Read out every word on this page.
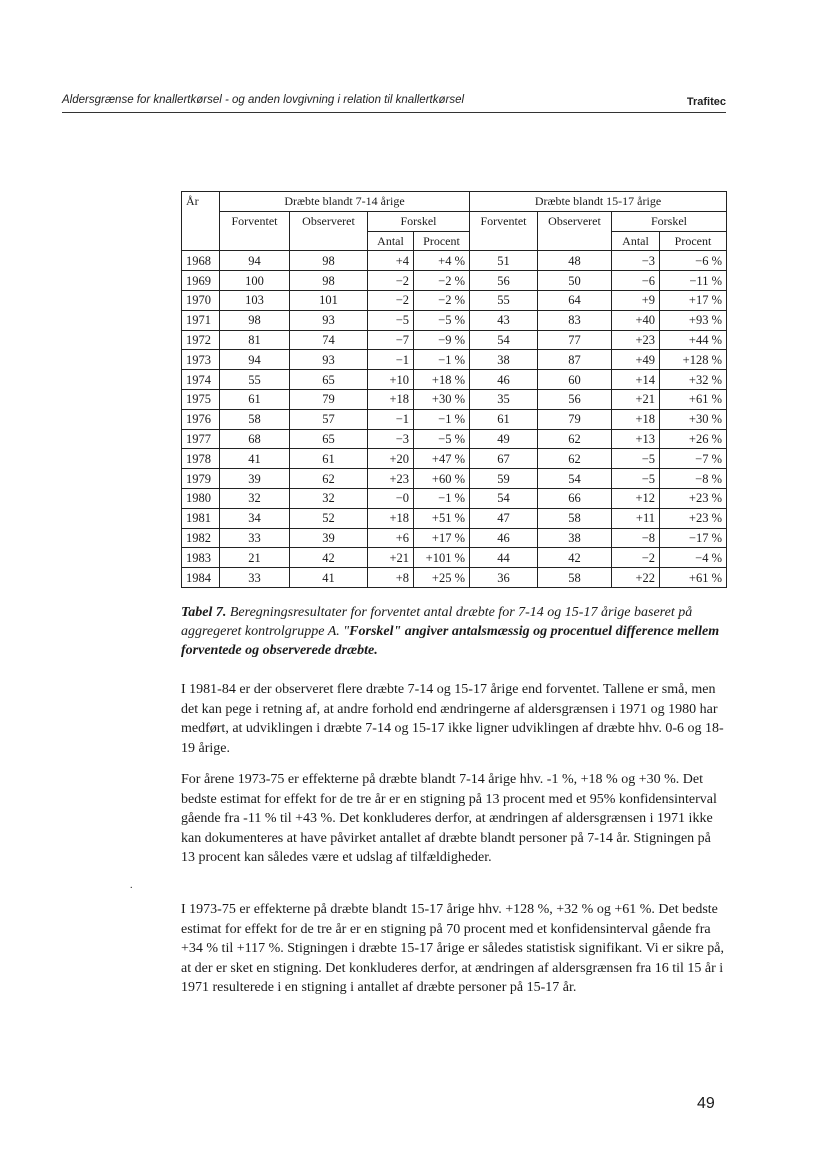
Aldersgrænse for knallertkørsel - og anden lovgivning i relation til knallertkørsel	Trafitec
År	Dræbte blandt 7-14 årige				Dræbte blandt 15-17 årige			
	Forventet	Observeret	Forskel		Forventet	Observeret	Forskel	
			Antal	Procent			Antal	Procent
1968	94	98	+4	+4 %	51	48	−3	−6 %
1969	100	98	−2	−2 %	56	50	−6	−11 %
1970	103	101	−2	−2 %	55	64	+9	+17 %
1971	98	93	−5	−5 %	43	83	+40	+93 %
1972	81	74	−7	−9 %	54	77	+23	+44 %
1973	94	93	−1	−1 %	38	87	+49	+128 %
1974	55	65	+10	+18 %	46	60	+14	+32 %
1975	61	79	+18	+30 %	35	56	+21	+61 %
1976	58	57	−1	−1 %	61	79	+18	+30 %
1977	68	65	−3	−5 %	49	62	+13	+26 %
1978	41	61	+20	+47 %	67	62	−5	−7 %
1979	39	62	+23	+60 %	59	54	−5	−8 %
1980	32	32	−0	−1 %	54	66	+12	+23 %
1981	34	52	+18	+51 %	47	58	+11	+23 %
1982	33	39	+6	+17 %	46	38	−8	−17 %
1983	21	42	+21	+101 %	44	42	−2	−4 %
1984	33	41	+8	+25 %	36	58	+22	+61 %
Tabel 7. Beregningsresultater for forventet antal dræbte for 7-14 og 15-17 årige baseret på aggregeret kontrolgruppe A. "Forskel" angiver antalsmæssig og procentuel difference mellem forventede og observerede dræbte.

I 1981-84 er der observeret flere dræbte 7-14 og 15-17 årige end forventet. Tallene er små, men det kan pege i retning af, at andre forhold end ændringerne af aldersgrænsen i 1971 og 1980 har medført, at udviklingen i dræbte 7-14 og 15-17 ikke ligner udviklingen af dræbte hhv. 0-6 og 18-19 årige.

For årene 1973-75 er effekterne på dræbte blandt 7-14 årige hhv. -1 %, +18 % og +30 %. Det bedste estimat for effekt for de tre år er en stigning på 13 procent med et 95% konfidensinterval gående fra -11 % til +43 %. Det konkluderes derfor, at ændringen af aldersgrænsen i 1971 ikke kan dokumenteres at have påvirket antallet af dræbte blandt personer på 7-14 år. Stigningen på 13 procent kan således være et udslag af tilfældigheder.

.

I 1973-75 er effekterne på dræbte blandt 15-17 årige hhv. +128 %, +32 % og +61 %. Det bedste estimat for effekt for de tre år er en stigning på 70 procent med et konfidensinterval gående fra +34 % til +117 %. Stigningen i dræbte 15-17 årige er således statistisk signifikant. Vi er sikre på, at der er sket en stigning. Det konkluderes derfor, at ændringen af aldersgrænsen fra 16 til 15 år i 1971 resulterede i en stigning i antallet af dræbte personer på 15-17 år.

49
